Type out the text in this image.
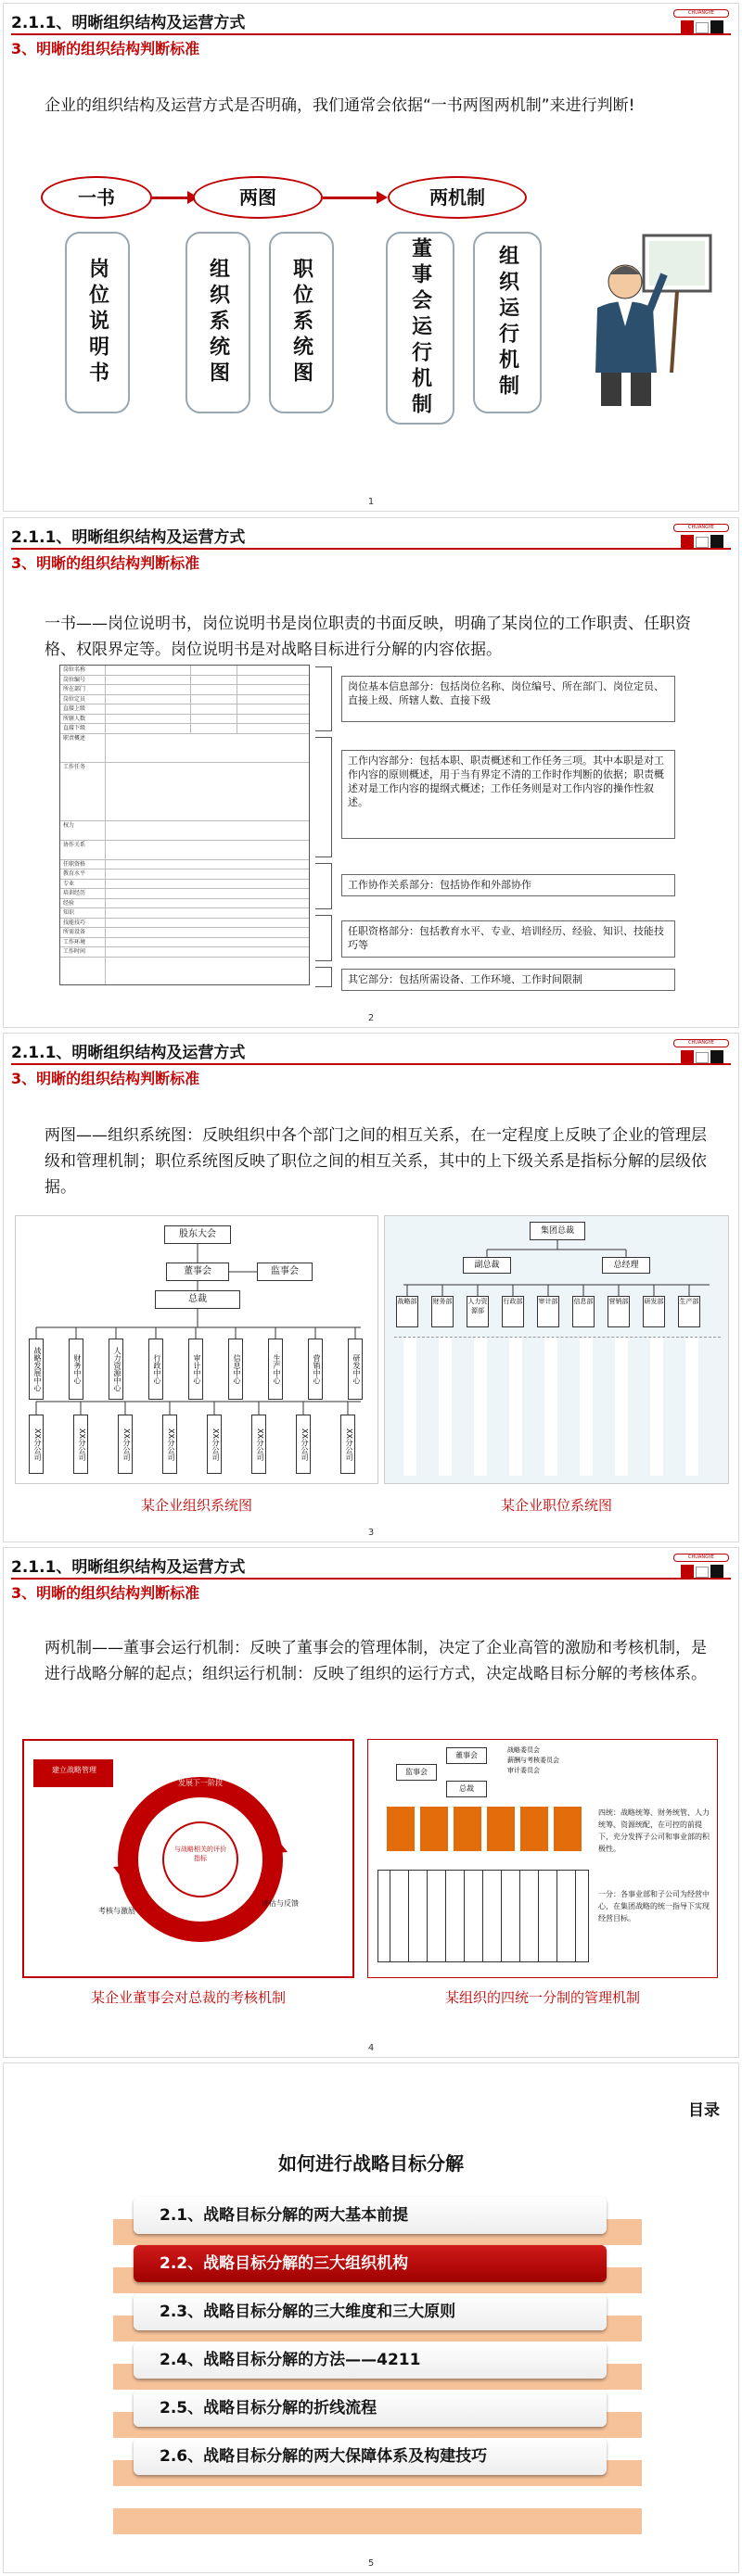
2.1.1、明晰组织结构及运营方式
CHUANGYE
3、明晰的组织结构判断标准
企业的组织结构及运营方式是否明确，我们通常会依据“一书两图两机制”来进行判断!
一书	两图	两机制
岗位说明书	组织系统图	职位系统图	董事会运行机制	组织运行机制
1
2.1.1、明晰组织结构及运营方式
CHUANGYE
3、明晰的组织结构判断标准
一书——岗位说明书，岗位说明书是岗位职责的书面反映，明确了某岗位的工作职责、任职资格、权限界定等。岗位说明书是对战略目标进行分解的内容依据。
岗位名称
岗位编号
所在部门
岗位定员
直接上级
所辖人数
直接下级
职责概述
工作任务
权力
协作关系
任职资格
教育水平
专业
培训经历
经验
知识
技能技巧
所需设备
工作环境
工作时间
岗位基本信息部分：包括岗位名称、岗位编号、所在部门、岗位定员、直接上级、所辖人数、直接下级
工作内容部分：包括本职、职责概述和工作任务三项。其中本职是对工作内容的原则概述，用于当有界定不清的工作时作判断的依据；职责概述对是工作内容的提纲式概述；工作任务则是对工作内容的操作性叙述。
工作协作关系部分：包括协作和外部协作
任职资格部分：包括教育水平、专业、培训经历、经验、知识、技能技巧等
其它部分：包括所需设备、工作环境、工作时间限制
2
2.1.1、明晰组织结构及运营方式
CHUANGYE
3、明晰的组织结构判断标准
两图——组织系统图：反映组织中各个部门之间的相互关系，在一定程度上反映了企业的管理层级和管理机制；职位系统图反映了职位之间的相互关系，其中的上下级关系是指标分解的层级依据。
股东大会
董事会	监事会
总裁
战略发展中心	财务中心	人力资源中心	行政中心	审计中心	信息中心	生产中心	营销中心	研发中心
XX分公司	XX分公司	XX分公司	XX分公司	XX分公司	XX分公司	XX分公司	XX分公司
集团总裁
副总裁	总经理
战略部 财务部 人力资源部
行政部 审计部 信息部 营销部 研发部 生产部
某企业组织系统图	某企业职位系统图
3
2.1.1、明晰组织结构及运营方式
CHUANGYE
3、明晰的组织结构判断标准
两机制——董事会运行机制：反映了董事会的管理体制，决定了企业高管的激励和考核机制，是进行战略分解的起点；组织运行机制：反映了组织的运行方式，决定战略目标分解的考核体系。
建立战略管理
发展下一阶段
与战略相关的评价指标
评估与反馈
考核与激励
董事会
监事会
总裁
战略委员会
薪酬与考核委员会
审计委员会
四统：战略统筹、财务统管、人力统筹、资源统配，在可控的前提下，充分发挥子公司和事业部的积极性。
一分：各事业部和子公司为经营中心，在集团战略的统一指导下实现经营目标。
某企业董事会对总裁的考核机制	某组织的四统一分制的管理机制
4
目录
如何进行战略目标分解
2.1、战略目标分解的两大基本前提
2.2、战略目标分解的三大组织机构
2.3、战略目标分解的三大维度和三大原则
2.4、战略目标分解的方法——4211
2.5、战略目标分解的折线流程
2.6、战略目标分解的两大保障体系及构建技巧
5
